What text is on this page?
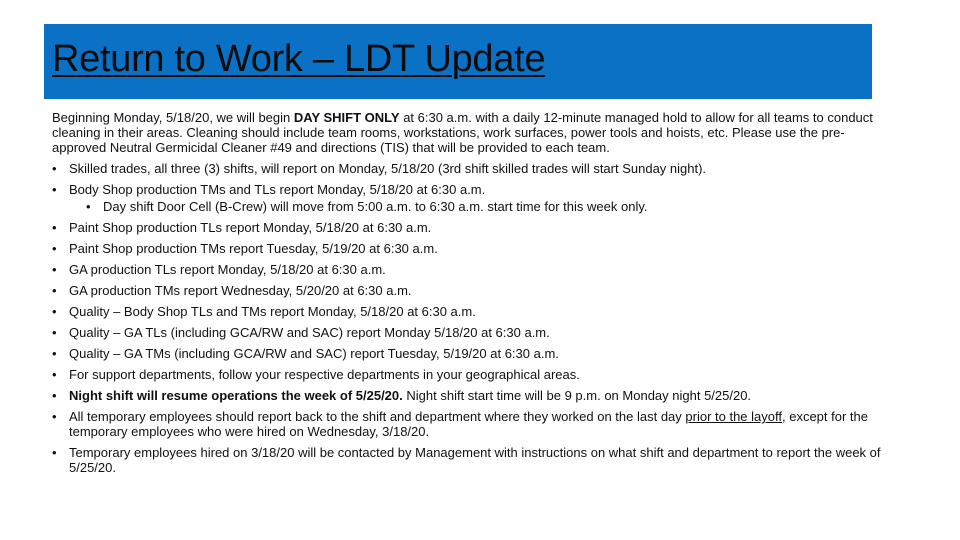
Return to Work – LDT Update

Beginning Monday, 5/18/20, we will begin DAY SHIFT ONLY at 6:30 a.m. with a daily 12-minute managed hold to allow for all teams to conduct cleaning in their areas. Cleaning should include team rooms, workstations, work surfaces, power tools and hoists, etc. Please use the pre-approved Neutral Germicidal Cleaner #49 and directions (TIS) that will be provided to each team.

• Skilled trades, all three (3) shifts, will report on Monday, 5/18/20 (3rd shift skilled trades will start Sunday night).
• Body Shop production TMs and TLs report Monday, 5/18/20 at 6:30 a.m.
• Day shift Door Cell (B-Crew) will move from 5:00 a.m. to 6:30 a.m. start time for this week only.
• Paint Shop production TLs report Monday, 5/18/20 at 6:30 a.m.
• Paint Shop production TMs report Tuesday, 5/19/20 at 6:30 a.m.
• GA production TLs report Monday, 5/18/20 at 6:30 a.m.
• GA production TMs report Wednesday, 5/20/20 at 6:30 a.m.
• Quality – Body Shop TLs and TMs report Monday, 5/18/20 at 6:30 a.m.
• Quality – GA TLs (including GCA/RW and SAC) report Monday 5/18/20 at 6:30 a.m.
• Quality – GA TMs (including GCA/RW and SAC) report Tuesday, 5/19/20 at 6:30 a.m.
• For support departments, follow your respective departments in your geographical areas.
• Night shift will resume operations the week of 5/25/20. Night shift start time will be 9 p.m. on Monday night 5/25/20.
• All temporary employees should report back to the shift and department where they worked on the last day prior to the layoff, except for the temporary employees who were hired on Wednesday, 3/18/20.
• Temporary employees hired on 3/18/20 will be contacted by Management with instructions on what shift and department to report the week of 5/25/20.
